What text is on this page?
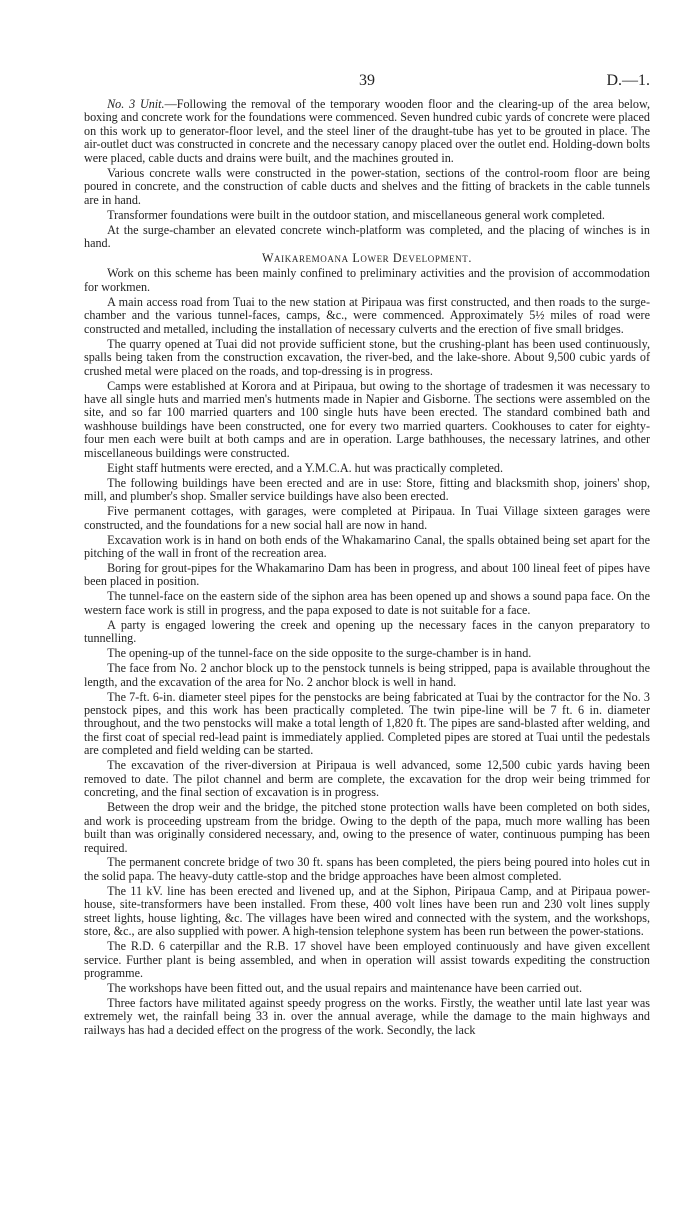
39	D.—1.

No. 3 Unit.—Following the removal of the temporary wooden floor and the clearing-up of the area below, boxing and concrete work for the foundations were commenced. Seven hundred cubic yards of concrete were placed on this work up to generator-floor level, and the steel liner of the draught-tube has yet to be grouted in place. The air-outlet duct was constructed in concrete and the necessary canopy placed over the outlet end. Holding-down bolts were placed, cable ducts and drains were built, and the machines grouted in.

Various concrete walls were constructed in the power-station, sections of the control-room floor are being poured in concrete, and the construction of cable ducts and shelves and the fitting of brackets in the cable tunnels are in hand.

Transformer foundations were built in the outdoor station, and miscellaneous general work completed.

At the surge-chamber an elevated concrete winch-platform was completed, and the placing of winches is in hand.

Waikaremoana Lower Development.

Work on this scheme has been mainly confined to preliminary activities and the provision of accommodation for workmen.

A main access road from Tuai to the new station at Piripaua was first constructed, and then roads to the surge-chamber and the various tunnel-faces, camps, &c., were commenced. Approximately 5½ miles of road were constructed and metalled, including the installation of necessary culverts and the erection of five small bridges.

The quarry opened at Tuai did not provide sufficient stone, but the crushing-plant has been used continuously, spalls being taken from the construction excavation, the river-bed, and the lake-shore. About 9,500 cubic yards of crushed metal were placed on the roads, and top-dressing is in progress.

Camps were established at Korora and at Piripaua, but owing to the shortage of tradesmen it was necessary to have all single huts and married men's hutments made in Napier and Gisborne. The sections were assembled on the site, and so far 100 married quarters and 100 single huts have been erected. The standard combined bath and washhouse buildings have been constructed, one for every two married quarters. Cookhouses to cater for eighty-four men each were built at both camps and are in operation. Large bathhouses, the necessary latrines, and other miscellaneous buildings were constructed.

Eight staff hutments were erected, and a Y.M.C.A. hut was practically completed.

The following buildings have been erected and are in use: Store, fitting and blacksmith shop, joiners' shop, mill, and plumber's shop. Smaller service buildings have also been erected.

Five permanent cottages, with garages, were completed at Piripaua. In Tuai Village sixteen garages were constructed, and the foundations for a new social hall are now in hand.

Excavation work is in hand on both ends of the Whakamarino Canal, the spalls obtained being set apart for the pitching of the wall in front of the recreation area.

Boring for grout-pipes for the Whakamarino Dam has been in progress, and about 100 lineal feet of pipes have been placed in position.

The tunnel-face on the eastern side of the siphon area has been opened up and shows a sound papa face. On the western face work is still in progress, and the papa exposed to date is not suitable for a face.

A party is engaged lowering the creek and opening up the necessary faces in the canyon preparatory to tunnelling.

The opening-up of the tunnel-face on the side opposite to the surge-chamber is in hand.

The face from No. 2 anchor block up to the penstock tunnels is being stripped, papa is available throughout the length, and the excavation of the area for No. 2 anchor block is well in hand.

The 7-ft. 6-in. diameter steel pipes for the penstocks are being fabricated at Tuai by the contractor for the No. 3 penstock pipes, and this work has been practically completed. The twin pipe-line will be 7 ft. 6 in. diameter throughout, and the two penstocks will make a total length of 1,820 ft. The pipes are sand-blasted after welding, and the first coat of special red-lead paint is immediately applied. Completed pipes are stored at Tuai until the pedestals are completed and field welding can be started.

The excavation of the river-diversion at Piripaua is well advanced, some 12,500 cubic yards having been removed to date. The pilot channel and berm are complete, the excavation for the drop weir being trimmed for concreting, and the final section of excavation is in progress.

Between the drop weir and the bridge, the pitched stone protection walls have been completed on both sides, and work is proceeding upstream from the bridge. Owing to the depth of the papa, much more walling has been built than was originally considered necessary, and, owing to the presence of water, continuous pumping has been required.

The permanent concrete bridge of two 30 ft. spans has been completed, the piers being poured into holes cut in the solid papa. The heavy-duty cattle-stop and the bridge approaches have been almost completed.

The 11 kV. line has been erected and livened up, and at the Siphon, Piripaua Camp, and at Piripaua power-house, site-transformers have been installed. From these, 400 volt lines have been run and 230 volt lines supply street lights, house lighting, &c. The villages have been wired and connected with the system, and the workshops, store, &c., are also supplied with power. A high-tension telephone system has been run between the power-stations.

The R.D. 6 caterpillar and the R.B. 17 shovel have been employed continuously and have given excellent service. Further plant is being assembled, and when in operation will assist towards expediting the construction programme.

The workshops have been fitted out, and the usual repairs and maintenance have been carried out.

Three factors have militated against speedy progress on the works. Firstly, the weather until late last year was extremely wet, the rainfall being 33 in. over the annual average, while the damage to the main highways and railways has had a decided effect on the progress of the work. Secondly, the lack
